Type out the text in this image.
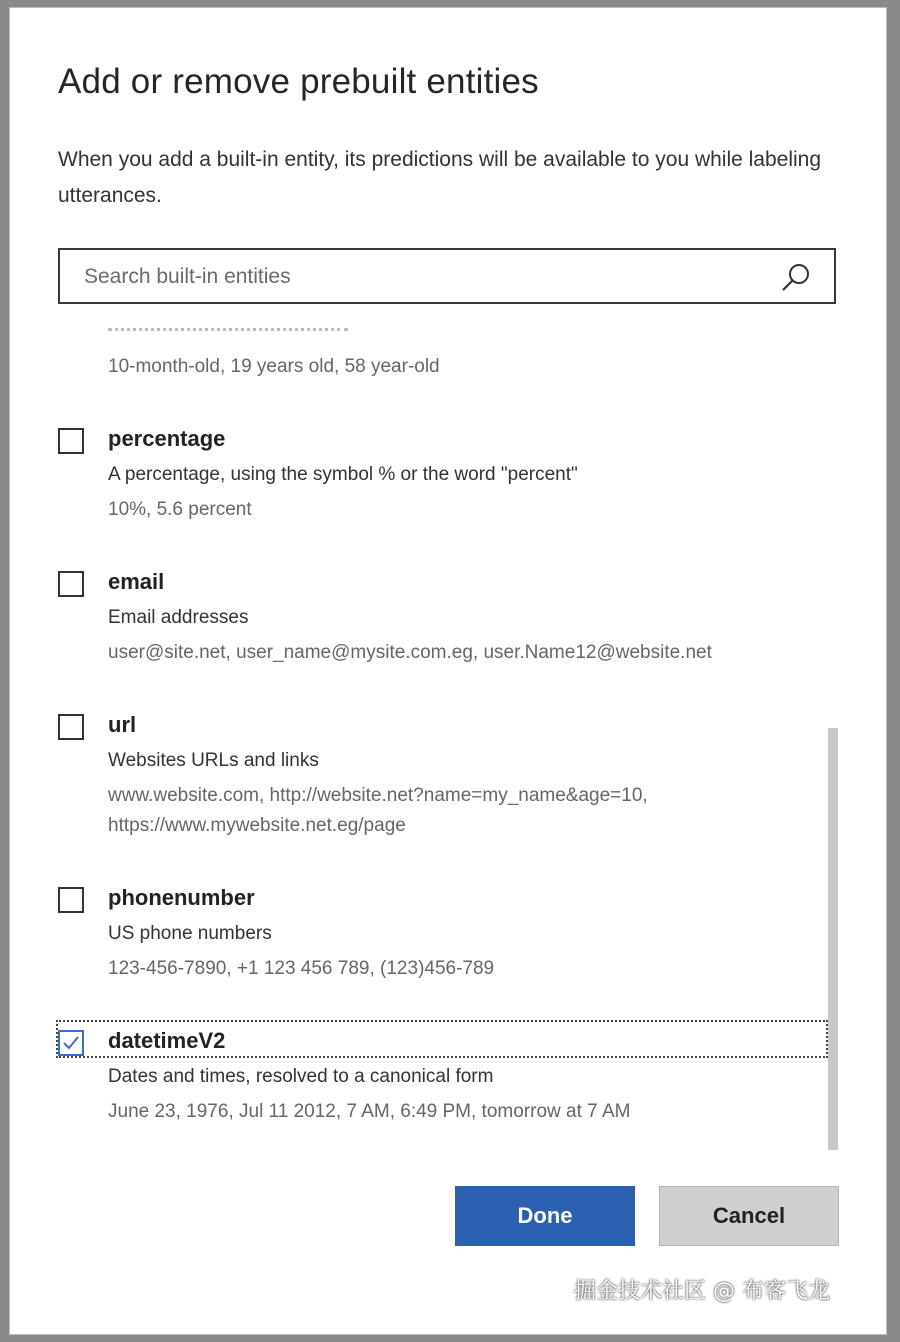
Add or remove prebuilt entities
When you add a built-in entity, its predictions will be available to you while labeling utterances.
Search built-in entities
10-month-old, 19 years old, 58 year-old
percentage
A percentage, using the symbol % or the word "percent"
10%, 5.6 percent
email
Email addresses
user@site.net, user_name@mysite.com.eg, user.Name12@website.net
url
Websites URLs and links
www.website.com, http://website.net?name=my_name&age=10,
https://www.mywebsite.net.eg/page
phonenumber
US phone numbers
123-456-7890, +1 123 456 789, (123)456-789
datetimeV2
Dates and times, resolved to a canonical form
June 23, 1976, Jul 11 2012, 7 AM, 6:49 PM, tomorrow at 7 AM
Done	Cancel
掘金技术社区 @ 布客飞龙
